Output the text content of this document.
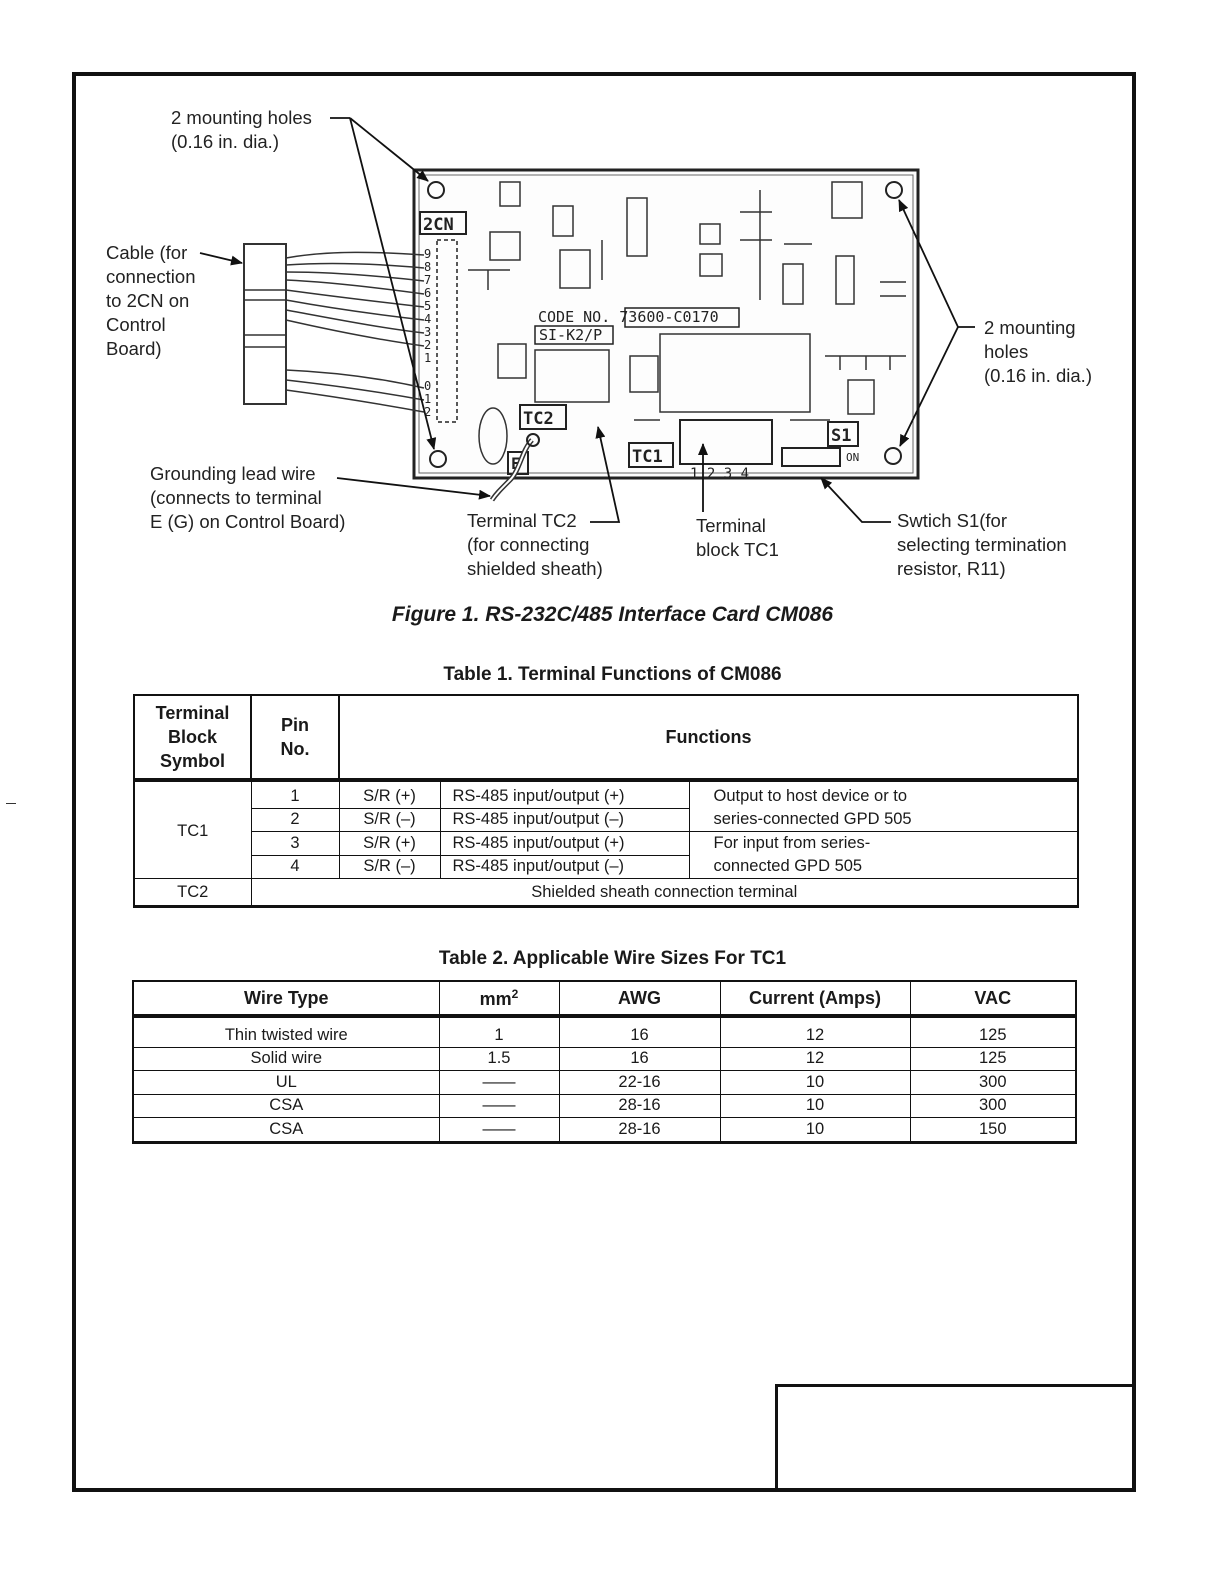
2CN
9
8
7
6
5
4
3
2
1
0
1
2
CODE NO. 73600-C0170
SI-K2/P
TC2
TC1
S1
E	ON
1 2 3 4
2 mounting holes
(0.16 in. dia.)
Cable (for
connection
to 2CN on
Control
Board)
2 mounting
holes
(0.16 in. dia.)
Grounding lead wire
(connects to terminal
E (G) on Control Board)	Terminal TC2
(for connecting
shielded sheath)
Terminal
block TC1
Swtich S1(for
selecting termination
resistor, R11)
Figure 1. RS-232C/485 Interface Card CM086
Table 1. Terminal Functions of CM086
Terminal
Block
Symbol	Pin
No.	Functions		
TC1	1	S/R (+)	RS-485 input/output (+)	Output to host device or to
	2	S/R (–)	RS-485 input/output (–)	series-connected GPD 505
	3	S/R (+)	RS-485 input/output (+)	For input from series-
	4	S/R (–)	RS-485 input/output (–)	connected GPD 505
TC2	Shielded sheath connection terminal			
Table 2. Applicable Wire Sizes For TC1
Wire Type	$mm^2$	AWG	Current (Amps)	VAC
Thin twisted wire	1	16	12	125
Solid wire	1.5	16	12	125
UL	——	22-16	10	300
CSA	——	28-16	10	300
CSA	——	28-16	10	150
